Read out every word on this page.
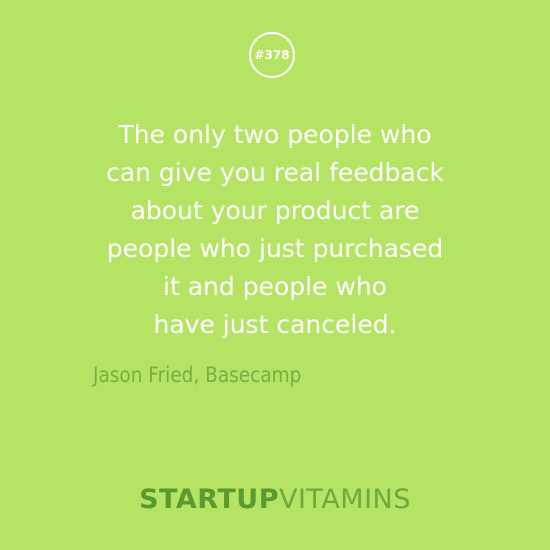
#378

The only two people who
can give you real feedback
about your product are
people who just purchased
it and people who
have just canceled.

Jason Fried, Basecamp
STARTUPVITAMINS
